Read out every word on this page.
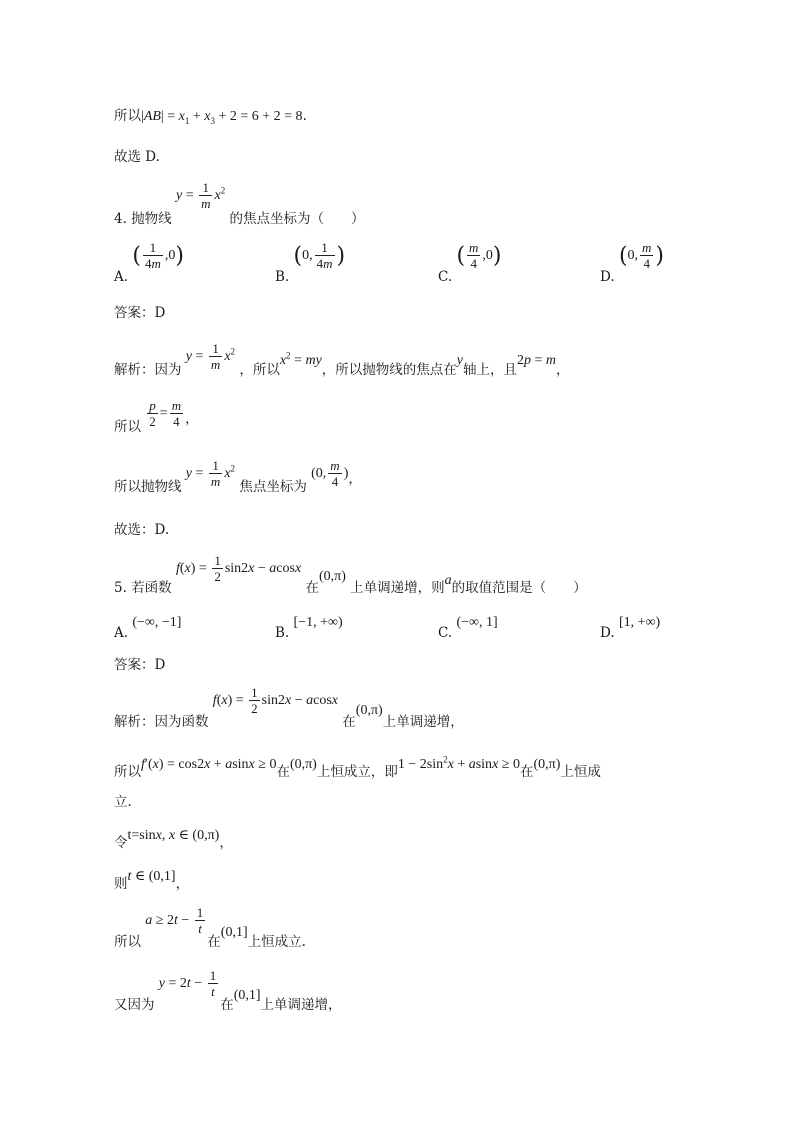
所以$|AB| = x_1 + x_3 + 2 = 6 + 2 = 8$.
故选 D.
4. 抛物线 $y = \frac{1}{m} x^2$ 的焦点坐标为（　　）
A. ( $\frac{1}{4m} ,0$)
B. (0, $\frac{1}{4m}$ )
C. ( $\frac{m}{4} ,0$)
D. (0, $\frac{m}{4}$ )
答案：D
解析：因为 $y = \frac{1}{m} x^2$ ，所以$x^2$ = my，所以抛物线的焦点在y轴上，且2p = m，
所以 $\frac{p}{2} = \frac{m}{4}$ ，
所以抛物线 $y = \frac{1}{m} x^2$ 焦点坐标为 (0, $\frac{m}{4}$ )，
故选：D.
5. 若函数 $f(x) = \frac{1}{2} \sin 2x - acosx$ 在(0,π) 上单调递增，则a的取值范围是（　　）
A. (−∞, −1]
B. [−1, +∞)
C. (−∞, 1]
D. [1, +∞)
答案：D
解析：因为函数 $f(x) = \frac{1}{2} \sin 2x - acosx$ 在(0,π)上单调递增，
所以f′(x) = cos2x + asinx ≥ 0在(0,π)上恒成立，即$1 - 2\sin^2x + asinx \ge 0$在(0,π)上恒成
立.
令t=sinx, x ∈ (0,π)，
则t ∈ (0,1]，
所以 $a \ge 2t - \frac{1}{t}$
在(0,1]上恒成立.
又因为 $y = 2t - \frac{1}{t}$
在(0,1]上单调递增，
